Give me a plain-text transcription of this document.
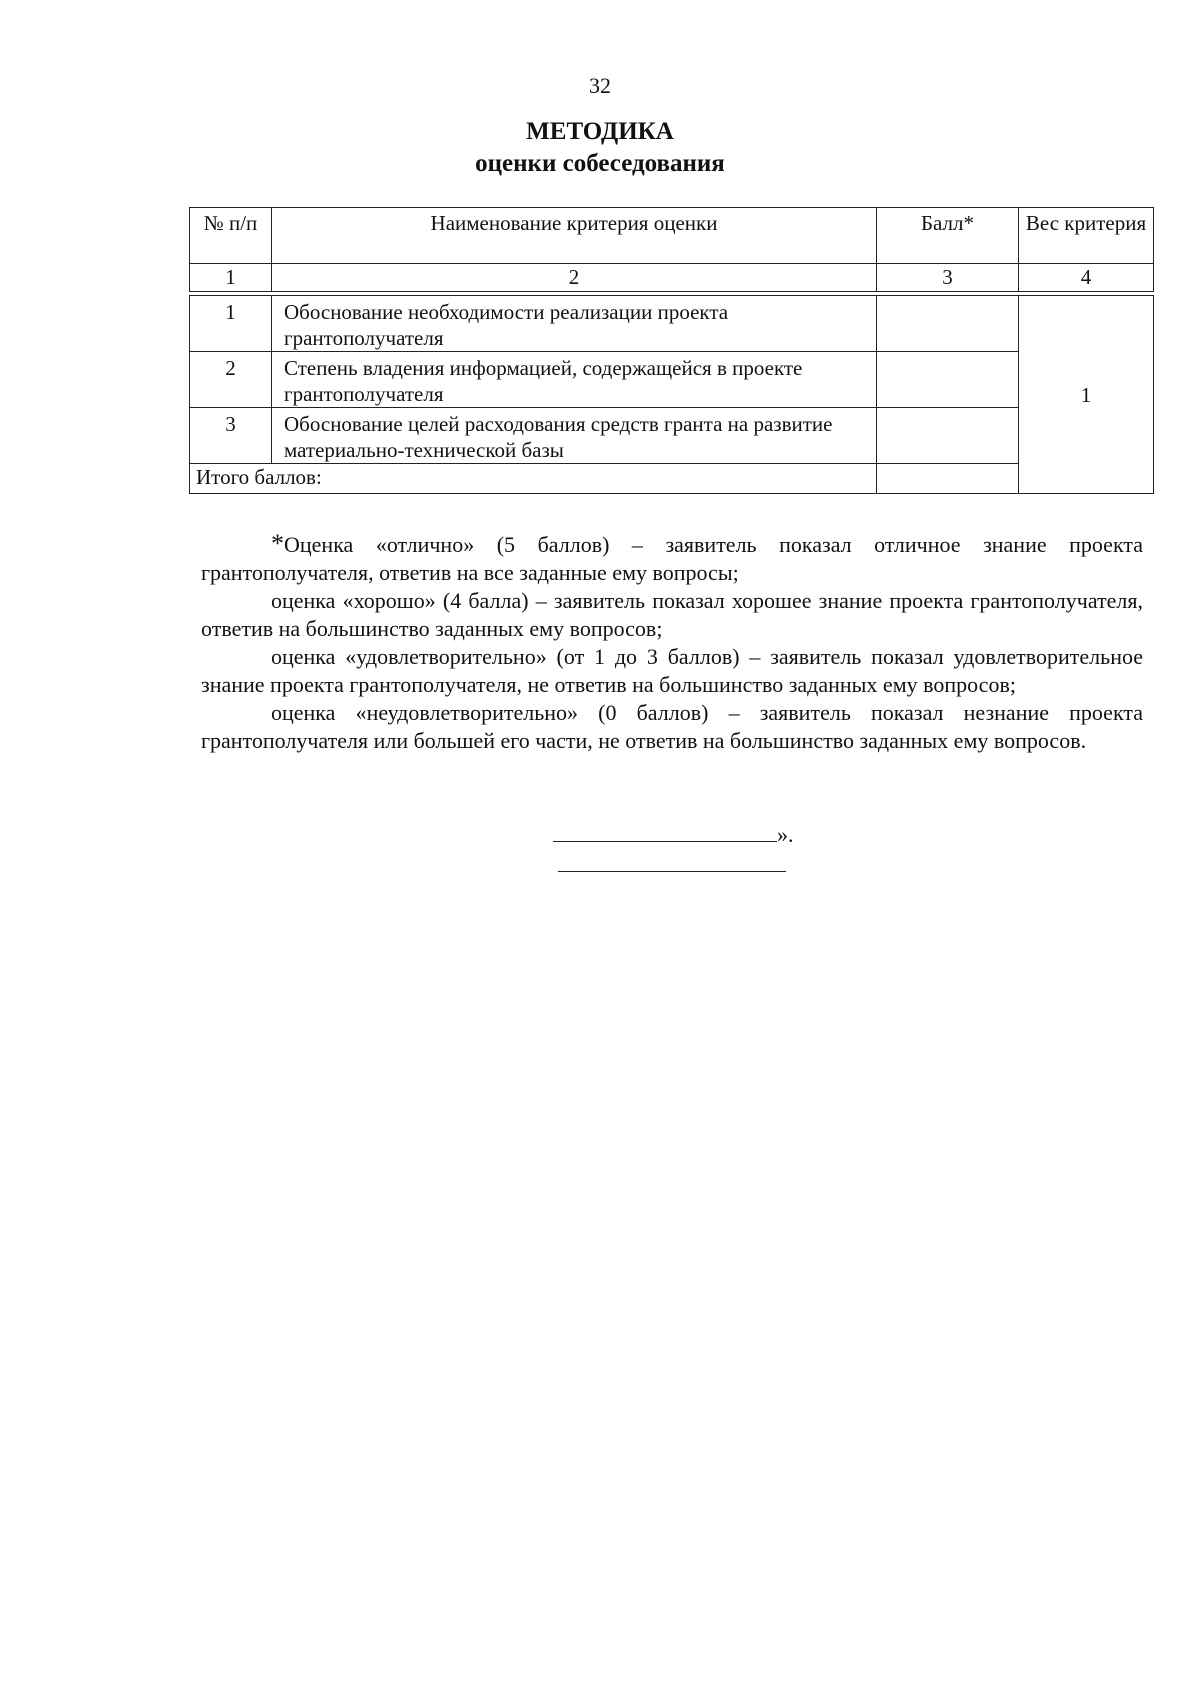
32
МЕТОДИКА
оценки собеседования
№ п/п	Наименование критерия оценки	Балл*	Вес критерия
1	2	3	4
1	Обоснование необходимости реализации проекта грантополучателя		1
2	Степень владения информацией, содержащейся в проекте грантополучателя		
3	Обоснование целей расходования средств гранта на развитие материально-технической базы		
Итого баллов:			

*Оценка «отлично» (5 баллов) – заявитель показал отличное знание проекта грантополучателя, ответив на все заданные ему вопросы;

оценка «хорошо» (4 балла) – заявитель показал хорошее знание проекта грантополучателя, ответив на большинство заданных ему вопросов;

оценка «удовлетворительно» (от 1 до 3 баллов) – заявитель показал удовлетворительное знание проекта грантополучателя, не ответив на большинство заданных ему вопросов;

оценка «неудовлетворительно» (0 баллов) – заявитель показал незнание проекта грантополучателя или большей его части, не ответив на большинство заданных ему вопросов.

».
